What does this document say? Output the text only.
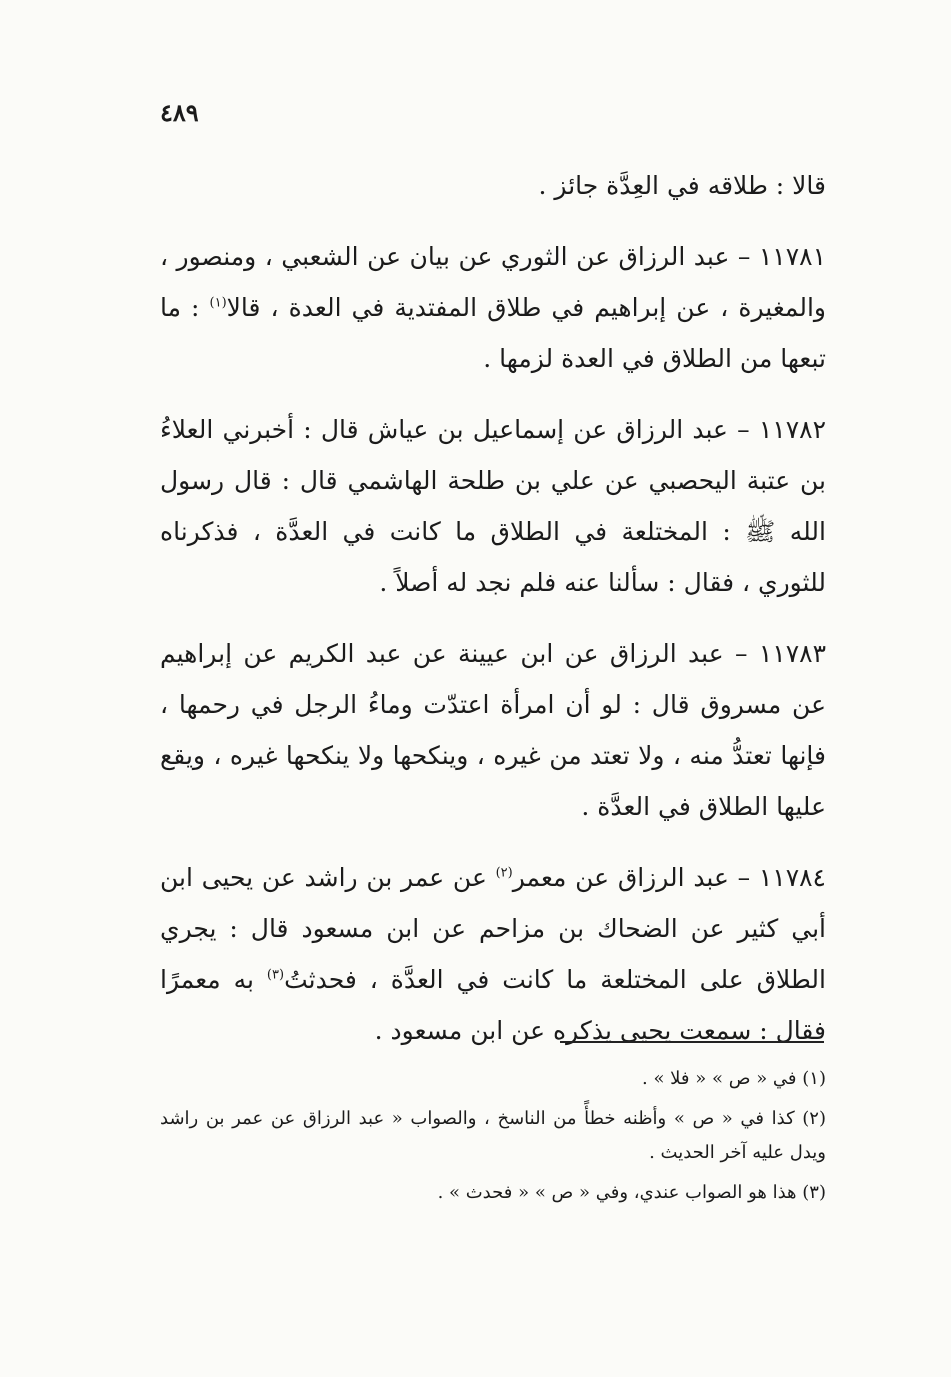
٤٨٩

قالا : طلاقه في العِدَّة جائز .

١١٧٨١ – عبد الرزاق عن الثوري عن بيان عن الشعبي ، ومنصور ، والمغيرة ، عن إبراهيم في طلاق المفتدية في العدة ، قالا$^{(١)}$ : ما تبعها من الطلاق في العدة لزمها .

١١٧٨٢ – عبد الرزاق عن إسماعيل بن عياش قال : أخبرني العلاءُ بن عتبة اليحصبي عن علي بن طلحة الهاشمي قال : قال رسول الله ﷺ : المختلعة في الطلاق ما كانت في العدَّة ، فذكرناه للثوري ، فقال : سألنا عنه فلم نجد له أصلاً .

١١٧٨٣ – عبد الرزاق عن ابن عيينة عن عبد الكريم عن إبراهيم عن مسروق قال : لو أن امرأة اعتدّت وماءُ الرجل في رحمها ، فإنها تعتدُّ منه ، ولا تعتد من غيره ، وينكحها ولا ينكحها غيره ، ويقع عليها الطلاق في العدَّة .

١١٧٨٤ – عبد الرزاق عن معمر$^{(٢)}$ عن عمر بن راشد عن يحيى ابن أبي كثير عن الضحاك بن مزاحم عن ابن مسعود قال : يجري الطلاق على المختلعة ما كانت في العدَّة ، فحدثتُ$^{(٣)}$ به معمرًا فقال : سمعت يحيى يذكره عن ابن مسعود .

(١) في « ص » « فلا » .

(٢) كذا في « ص » وأظنه خطأً من الناسخ ، والصواب « عبد الرزاق عن عمر بن راشد ويدل عليه آخر الحديث .

(٣) هذا هو الصواب عندي، وفي « ص » « فحدث » .
